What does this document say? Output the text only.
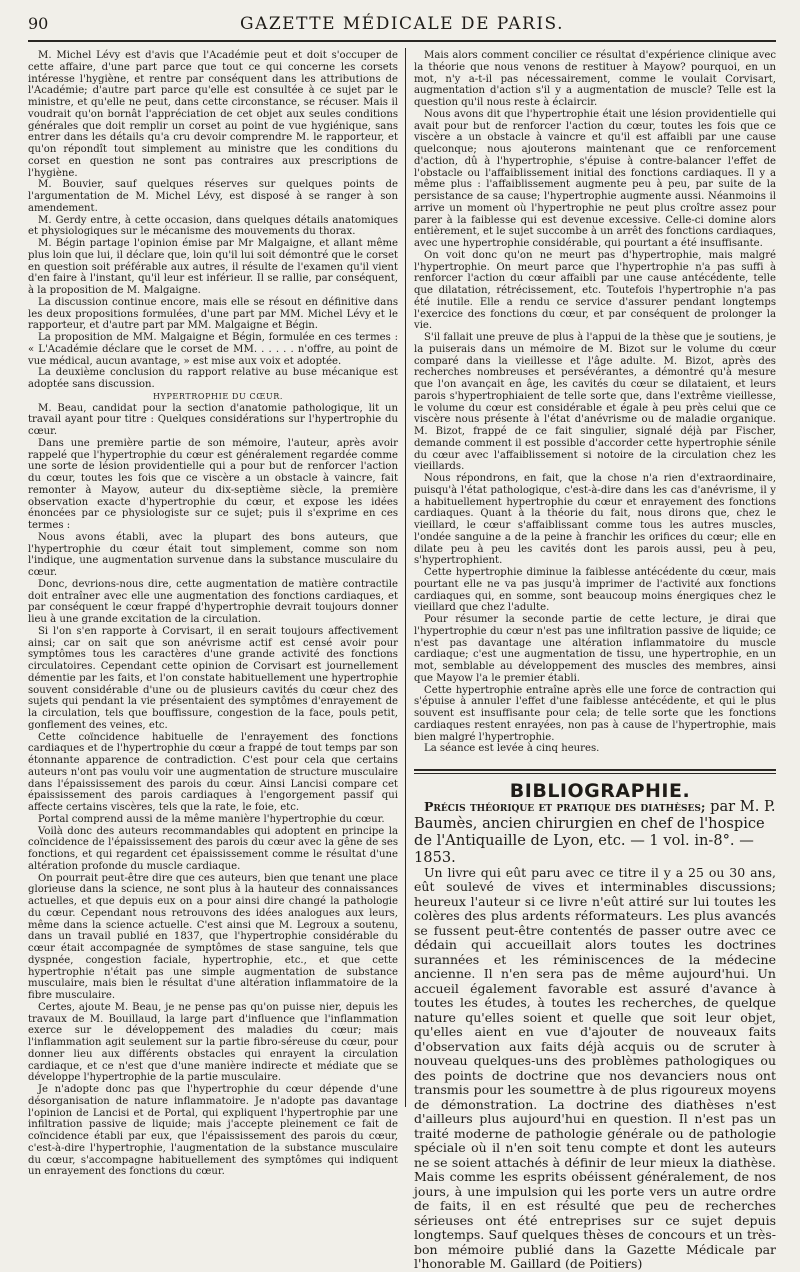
90	GAZETTE MÉDICALE DE PARIS.

M. Michel Lévy est d'avis que l'Académie peut et doit s'occuper de cette affaire, d'une part parce que tout ce qui concerne les corsets intéresse l'hygiène, et rentre par conséquent dans les attributions de l'Académie; d'autre part parce qu'elle est consultée à ce sujet par le ministre, et qu'elle ne peut, dans cette circonstance, se récuser. Mais il voudrait qu'on bornât l'appréciation de cet objet aux seules conditions générales que doit remplir un corset au point de vue hygiénique, sans entrer dans les détails qu'a cru devoir comprendre M. le rapporteur, et qu'on répondît tout simplement au ministre que les conditions du corset en question ne sont pas contraires aux prescriptions de l'hygiène.

M. Bouvier, sauf quelques réserves sur quelques points de l'argumentation de M. Michel Lévy, est disposé à se ranger à son amendement.

M. Gerdy entre, à cette occasion, dans quelques détails anatomiques et physiologiques sur le mécanisme des mouvements du thorax.

M. Bégin partage l'opinion émise par Mr Malgaigne, et allant même plus loin que lui, il déclare que, loin qu'il lui soit démontré que le corset en question soit préférable aux autres, il résulte de l'examen qu'il vient d'en faire à l'instant, qu'il leur est inférieur. Il se rallie, par conséquent, à la proposition de M. Malgaigne.

La discussion continue encore, mais elle se résout en définitive dans les deux propositions formulées, d'une part par MM. Michel Lévy et le rapporteur, et d'autre part par MM. Malgaigne et Bégin.

La proposition de MM. Malgaigne et Bégin, formulée en ces termes : « L'Académie déclare que le corset de MM. . . . . . n'offre, au point de vue médical, aucun avantage, » est mise aux voix et adoptée.

La deuxième conclusion du rapport relative au buse mécanique est adoptée sans discussion.

HYPERTROPHIE DU CŒUR.

M. Beau, candidat pour la section d'anatomie pathologique, lit un travail ayant pour titre : Quelques considérations sur l'hypertrophie du cœur.

Dans une première partie de son mémoire, l'auteur, après avoir rappelé que l'hypertrophie du cœur est généralement regardée comme une sorte de lésion providentielle qui a pour but de renforcer l'action du cœur, toutes les fois que ce viscère a un obstacle à vaincre, fait remonter à Mayow, auteur du dix-septième siècle, la première observation exacte d'hypertrophie du cœur, et expose les idées énoncées par ce physiologiste sur ce sujet; puis il s'exprime en ces termes :

Nous avons établi, avec la plupart des bons auteurs, que l'hypertrophie du cœur était tout simplement, comme son nom l'indique, une augmentation survenue dans la substance musculaire du cœur.

Donc, devrions-nous dire, cette augmentation de matière contractile doit entraîner avec elle une augmentation des fonctions cardiaques, et par conséquent le cœur frappé d'hypertrophie devrait toujours donner lieu à une grande excitation de la circulation.

Si l'on s'en rapporte à Corvisart, il en serait toujours affectivement ainsi; car on sait que son anévrisme actif est censé avoir pour symptômes tous les caractères d'une grande activité des fonctions circulatoires. Cependant cette opinion de Corvisart est journellement démentie par les faits, et l'on constate habituellement une hypertrophie souvent considérable d'une ou de plusieurs cavités du cœur chez des sujets qui pendant la vie présentaient des symptômes d'enrayement de la circulation, tels que bouffissure, congestion de la face, pouls petit, gonflement des veines, etc.

Cette coïncidence habituelle de l'enrayement des fonctions cardiaques et de l'hypertrophie du cœur a frappé de tout temps par son étonnante apparence de contradiction. C'est pour cela que certains auteurs n'ont pas voulu voir une augmentation de structure musculaire dans l'épaississement des parois du cœur. Ainsi Lancisi compare cet épaississement des parois cardiaques à l'engorgement passif qui affecte certains viscères, tels que la rate, le foie, etc.

Portal comprend aussi de la même manière l'hypertrophie du cœur.

Voilà donc des auteurs recommandables qui adoptent en principe la coïncidence de l'épaississement des parois du cœur avec la gêne de ses fonctions, et qui regardent cet épaississement comme le résultat d'une altération profonde du muscle cardiaque.

On pourrait peut-être dire que ces auteurs, bien que tenant une place glorieuse dans la science, ne sont plus à la hauteur des connaissances actuelles, et que depuis eux on a pour ainsi dire changé la pathologie du cœur. Cependant nous retrouvons des idées analogues aux leurs, même dans la science actuelle. C'est ainsi que M. Legroux a soutenu, dans un travail publié en 1837, que l'hypertrophie considérable du cœur était accompagnée de symptômes de stase sanguine, tels que dyspnée, congestion faciale, hypertrophie, etc., et que cette hypertrophie n'était pas une simple augmentation de substance musculaire, mais bien le résultat d'une altération inflammatoire de la fibre musculaire.

Certes, ajoute M. Beau, je ne pense pas qu'on puisse nier, depuis les travaux de M. Bouillaud, la large part d'influence que l'inflammation exerce sur le développement des maladies du cœur; mais l'inflammation agit seulement sur la partie fibro-séreuse du cœur, pour donner lieu aux différents obstacles qui enrayent la circulation cardiaque, et ce n'est que d'une manière indirecte et médiate que se développe l'hypertrophie de la partie musculaire.

Je n'adopte donc pas que l'hypertrophie du cœur dépende d'une désorganisation de nature inflammatoire. Je n'adopte pas davantage l'opinion de Lancisi et de Portal, qui expliquent l'hypertrophie par une infiltration passive de liquide; mais j'accepte pleinement ce fait de coïncidence établi par eux, que l'épaississement des parois du cœur, c'est-à-dire l'hypertrophie, l'augmentation de la substance musculaire du cœur, s'accompagne habituellement des symptômes qui indiquent un enrayement des fonctions du cœur.

Mais alors comment concilier ce résultat d'expérience clinique avec la théorie que nous venons de restituer à Mayow? pourquoi, en un mot, n'y a-t-il pas nécessairement, comme le voulait Corvisart, augmentation d'action s'il y a augmentation de muscle? Telle est la question qu'il nous reste à éclaircir.

Nous avons dit que l'hypertrophie était une lésion providentielle qui avait pour but de renforcer l'action du cœur, toutes les fois que ce viscère a un obstacle à vaincre et qu'il est affaibli par une cause quelconque; nous ajouterons maintenant que ce renforcement d'action, dû à l'hypertrophie, s'épuise à contre-balancer l'effet de l'obstacle ou l'affaiblissement initial des fonctions cardiaques. Il y a même plus : l'affaiblissement augmente peu à peu, par suite de la persistance de sa cause; l'hypertrophie augmente aussi. Néanmoins il arrive un moment où l'hypertrophie ne peut plus croître assez pour parer à la faiblesse qui est devenue excessive. Celle-ci domine alors entièrement, et le sujet succombe à un arrêt des fonctions cardiaques, avec une hypertrophie considérable, qui pourtant a été insuffisante.

On voit donc qu'on ne meurt pas d'hypertrophie, mais malgré l'hypertrophie. On meurt parce que l'hypertrophie n'a pas suffi à renforcer l'action du cœur affaibli par une cause antécédente, telle que dilatation, rétrécissement, etc. Toutefois l'hypertrophie n'a pas été inutile. Elle a rendu ce service d'assurer pendant longtemps l'exercice des fonctions du cœur, et par conséquent de prolonger la vie.

S'il fallait une preuve de plus à l'appui de la thèse que je soutiens, je la puiserais dans un mémoire de M. Bizot sur le volume du cœur comparé dans la vieillesse et l'âge adulte. M. Bizot, après des recherches nombreuses et persévérantes, a démontré qu'à mesure que l'on avançait en âge, les cavités du cœur se dilataient, et leurs parois s'hypertrophiaient de telle sorte que, dans l'extrême vieillesse, le volume du cœur est considérable et égale à peu près celui que ce viscère nous présente à l'état d'anévrisme ou de maladie organique. M. Bizot, frappé de ce fait singulier, signalé déjà par Fischer, demande comment il est possible d'accorder cette hypertrophie sénile du cœur avec l'affaiblissement si notoire de la circulation chez les vieillards.

Nous répondrons, en fait, que la chose n'a rien d'extraordinaire, puisqu'à l'état pathologique, c'est-à-dire dans les cas d'anévrisme, il y a habituellement hypertrophie du cœur et enrayement des fonctions cardiaques. Quant à la théorie du fait, nous dirons que, chez le vieillard, le cœur s'affaiblissant comme tous les autres muscles, l'ondée sanguine a de la peine à franchir les orifices du cœur; elle en dilate peu à peu les cavités dont les parois aussi, peu à peu, s'hypertrophient.

Cette hypertrophie diminue la faiblesse antécédente du cœur, mais pourtant elle ne va pas jusqu'à imprimer de l'activité aux fonctions cardiaques qui, en somme, sont beaucoup moins énergiques chez le vieillard que chez l'adulte.

Pour résumer la seconde partie de cette lecture, je dirai que l'hypertrophie du cœur n'est pas une infiltration passive de liquide; ce n'est pas davantage une altération inflammatoire du muscle cardiaque; c'est une augmentation de tissu, une hypertrophie, en un mot, semblable au développement des muscles des membres, ainsi que Mayow l'a le premier établi.

Cette hypertrophie entraîne après elle une force de contraction qui s'épuise à annuler l'effet d'une faiblesse antécédente, et qui le plus souvent est insuffisante pour cela; de telle sorte que les fonctions cardiaques restent enrayées, non pas à cause de l'hypertrophie, mais bien malgré l'hypertrophie.

La séance est levée à cinq heures.

BIBLIOGRAPHIE.

Précis théorique et pratique des diathèses; par M. P. Baumès, ancien chirurgien en chef de l'hospice de l'Antiquaille de Lyon, etc. — 1 vol. in-8°. — 1853.

Un livre qui eût paru avec ce titre il y a 25 ou 30 ans, eût soulevé de vives et interminables discussions; heureux l'auteur si ce livre n'eût attiré sur lui toutes les colères des plus ardents réformateurs. Les plus avancés se fussent peut-être contentés de passer outre avec ce dédain qui accueillait alors toutes les doctrines surannées et les réminiscences de la médecine ancienne. Il n'en sera pas de même aujourd'hui. Un accueil également favorable est assuré d'avance à toutes les études, à toutes les recherches, de quelque nature qu'elles soient et quelle que soit leur objet, qu'elles aient en vue d'ajouter de nouveaux faits d'observation aux faits déjà acquis ou de scruter à nouveau quelques-uns des problèmes pathologiques ou des points de doctrine que nos devanciers nous ont transmis pour les soumettre à de plus rigoureux moyens de démonstration. La doctrine des diathèses n'est d'ailleurs plus aujourd'hui en question. Il n'est pas un traité moderne de pathologie générale ou de pathologie spéciale où il n'en soit tenu compte et dont les auteurs ne se soient attachés à définir de leur mieux la diathèse. Mais comme les esprits obéissent généralement, de nos jours, à une impulsion qui les porte vers un autre ordre de faits, il en est résulté que peu de recherches sérieuses ont été entreprises sur ce sujet depuis longtemps. Sauf quelques thèses de concours et un très-bon mémoire publié dans la Gazette Médicale par l'honorable M. Gaillard (de Poitiers)
